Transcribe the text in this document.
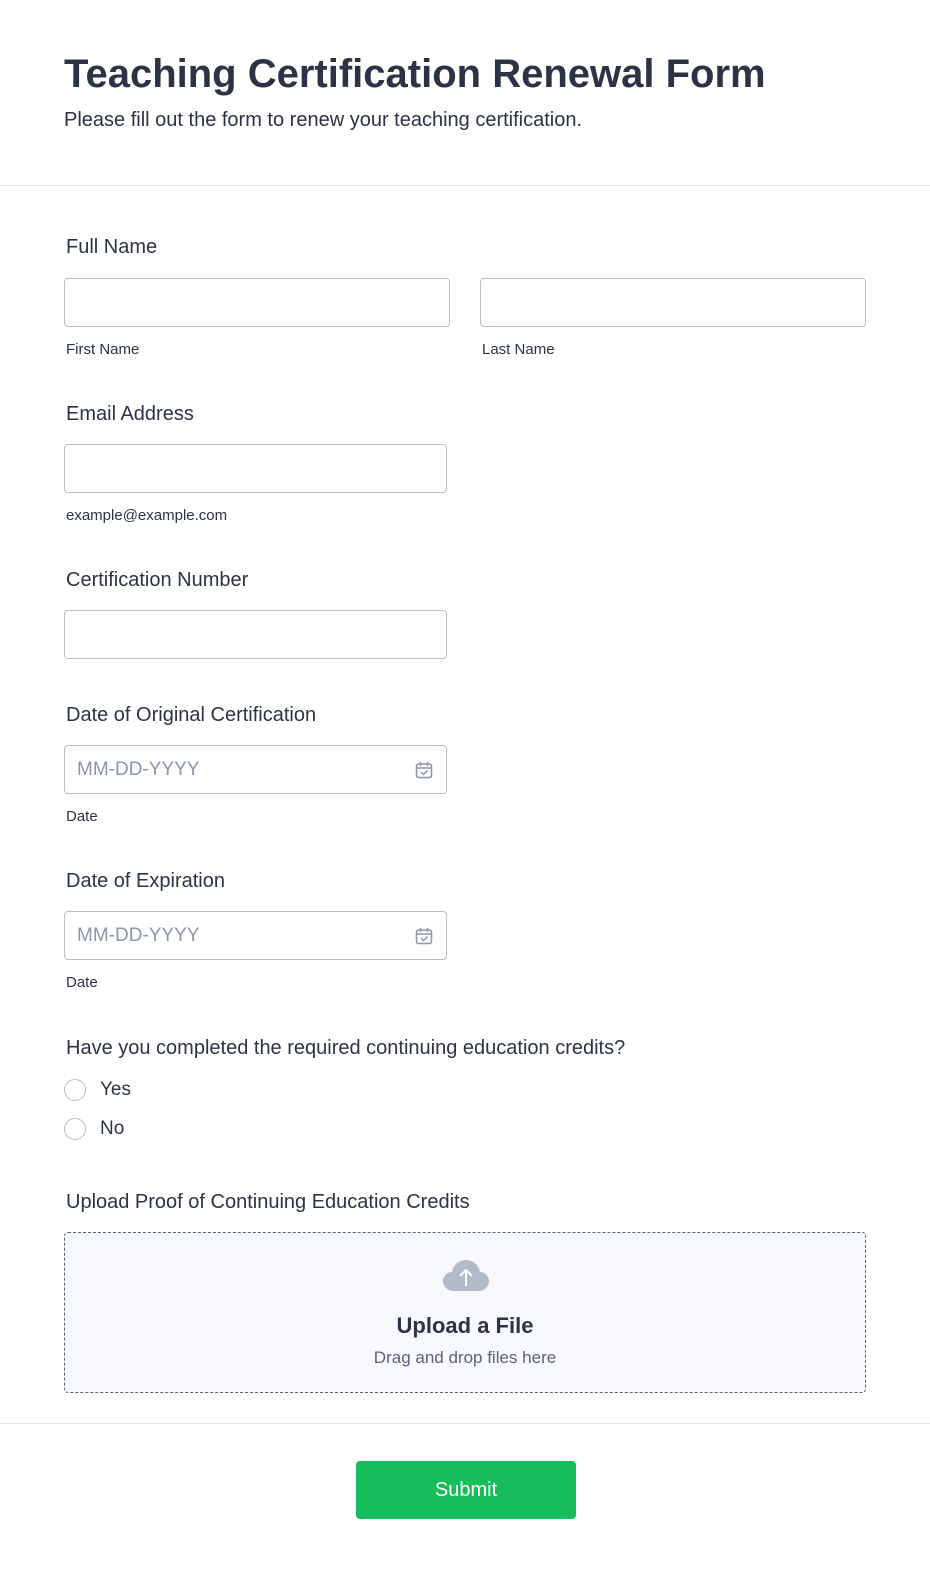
Teaching Certification Renewal Form

Please fill out the form to renew your teaching certification.

Full Name
First Name	Last Name
Email Address
example@example.com
Certification Number
Date of Original Certification
MM-DD-YYYY
Date
Date of Expiration
MM-DD-YYYY
Date
Have you completed the required continuing education credits?
Yes
No
Upload Proof of Continuing Education Credits
Upload a File
Drag and drop files here
Submit
